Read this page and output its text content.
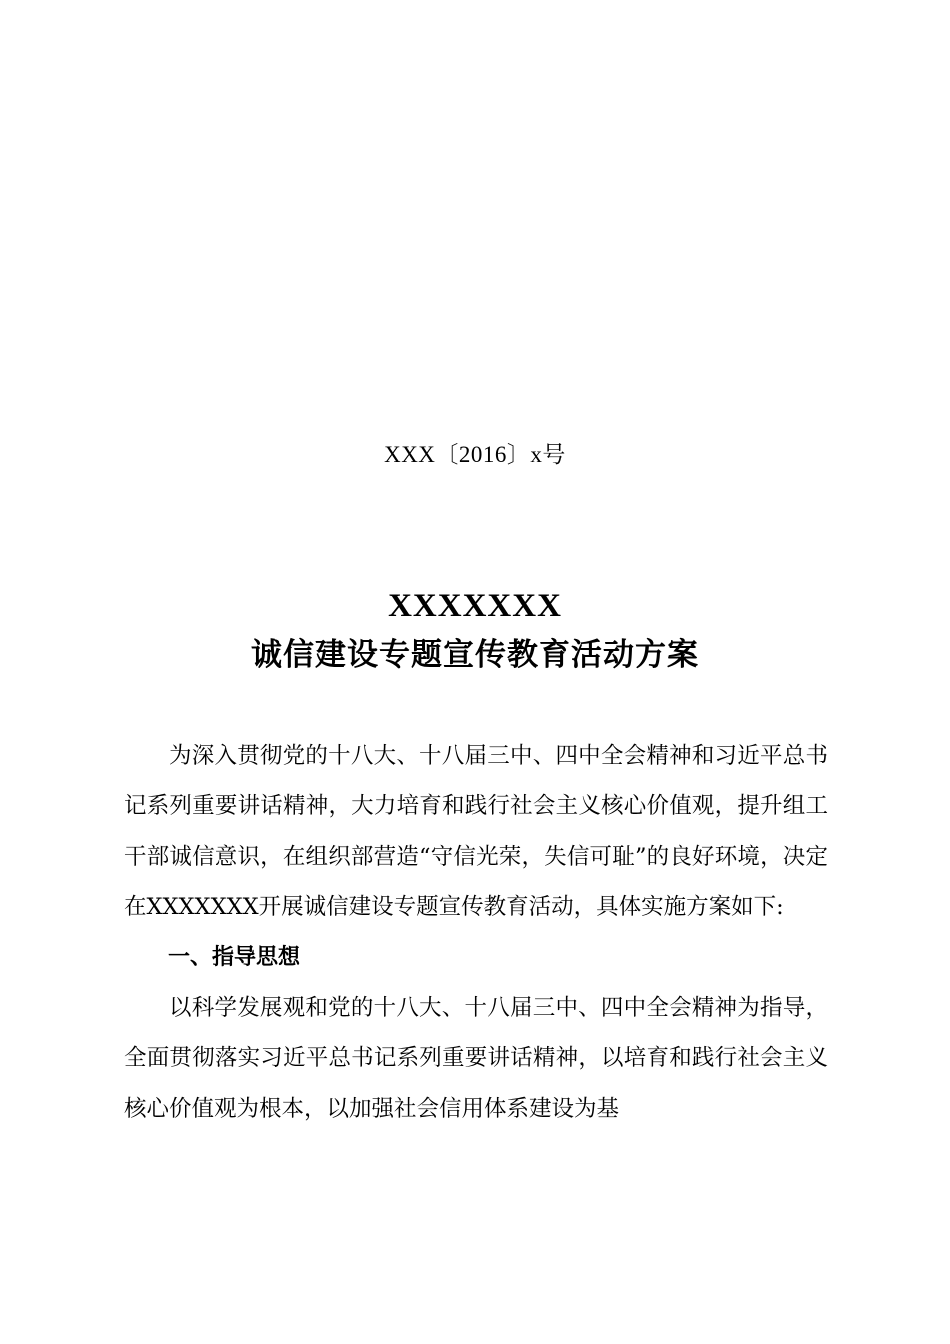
XXX〔2016〕x号
XXXXXXX
诚信建设专题宣传教育活动方案

为深入贯彻党的十八大、十八届三中、四中全会精神和习近平总书记系列重要讲话精神，大力培育和践行社会主义核心价值观，提升组工干部诚信意识，在组织部营造“守信光荣，失信可耻”的良好环境，决定在XXXXXXX开展诚信建设专题宣传教育活动，具体实施方案如下:

一、指导思想

以科学发展观和党的十八大、十八届三中、四中全会精神为指导，全面贯彻落实习近平总书记系列重要讲话精神，以培育和践行社会主义核心价值观为根本，以加强社会信用体系建设为基
